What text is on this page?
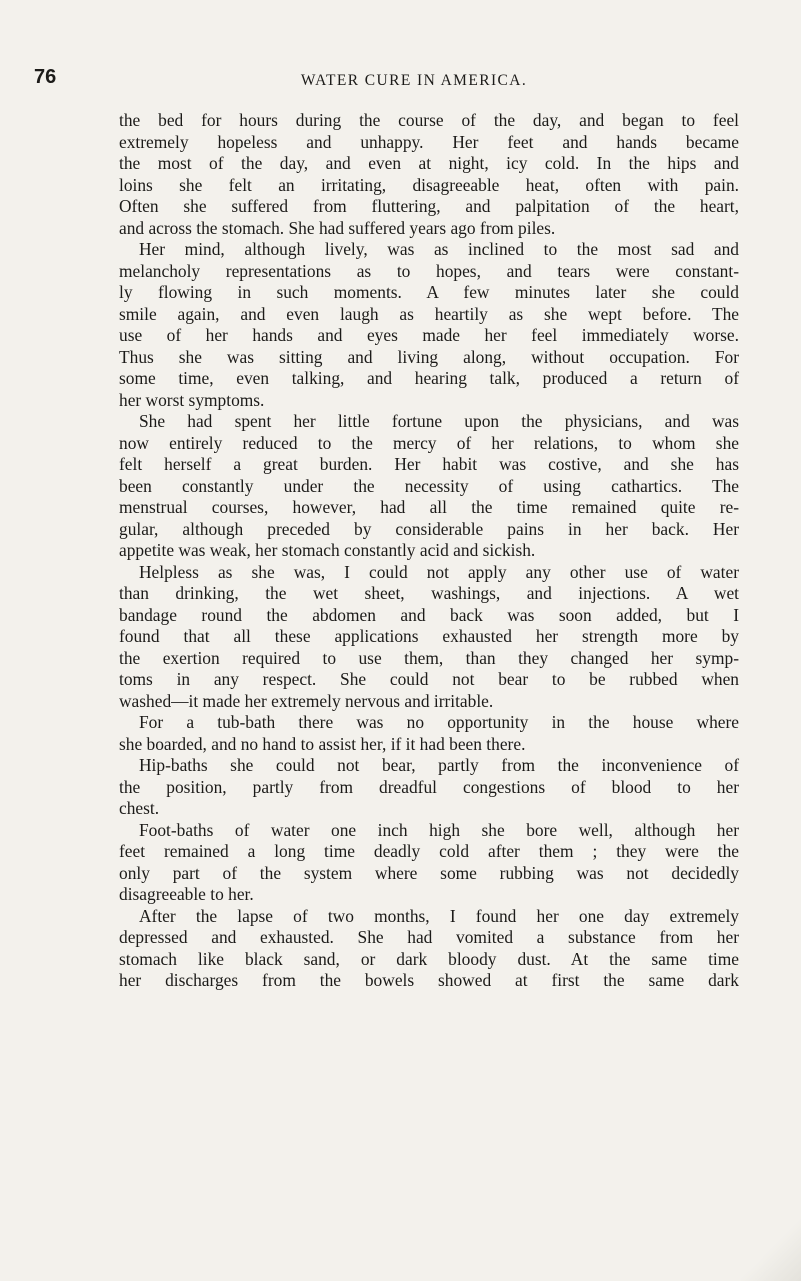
76	WATER CURE IN AMERICA.
the bed for hours during the course of the day, and began to feel
extremely hopeless and unhappy. Her feet and hands became
the most of the day, and even at night, icy cold. In the hips and
loins she felt an irritating, disagreeable heat, often with pain.
Often she suffered from fluttering, and palpitation of the heart,
and across the stomach. She had suffered years ago from piles.
Her mind, although lively, was as inclined to the most sad and
melancholy representations as to hopes, and tears were constant-
ly flowing in such moments. A few minutes later she could
smile again, and even laugh as heartily as she wept before. The
use of her hands and eyes made her feel immediately worse.
Thus she was sitting and living along, without occupation. For
some time, even talking, and hearing talk, produced a return of
her worst symptoms.
She had spent her little fortune upon the physicians, and was
now entirely reduced to the mercy of her relations, to whom she
felt herself a great burden. Her habit was costive, and she has
been constantly under the necessity of using cathartics. The
menstrual courses, however, had all the time remained quite re-
gular, although preceded by considerable pains in her back. Her
appetite was weak, her stomach constantly acid and sickish.
Helpless as she was, I could not apply any other use of water
than drinking, the wet sheet, washings, and injections. A wet
bandage round the abdomen and back was soon added, but I
found that all these applications exhausted her strength more by
the exertion required to use them, than they changed her symp-
toms in any respect. She could not bear to be rubbed when
washed—it made her extremely nervous and irritable.
For a tub-bath there was no opportunity in the house where
she boarded, and no hand to assist her, if it had been there.
Hip-baths she could not bear, partly from the inconvenience of
the position, partly from dreadful congestions of blood to her
chest.
Foot-baths of water one inch high she bore well, although her
feet remained a long time deadly cold after them ; they were the
only part of the system where some rubbing was not decidedly
disagreeable to her.
After the lapse of two months, I found her one day extremely
depressed and exhausted. She had vomited a substance from her
stomach like black sand, or dark bloody dust. At the same time
her discharges from the bowels showed at first the same dark
